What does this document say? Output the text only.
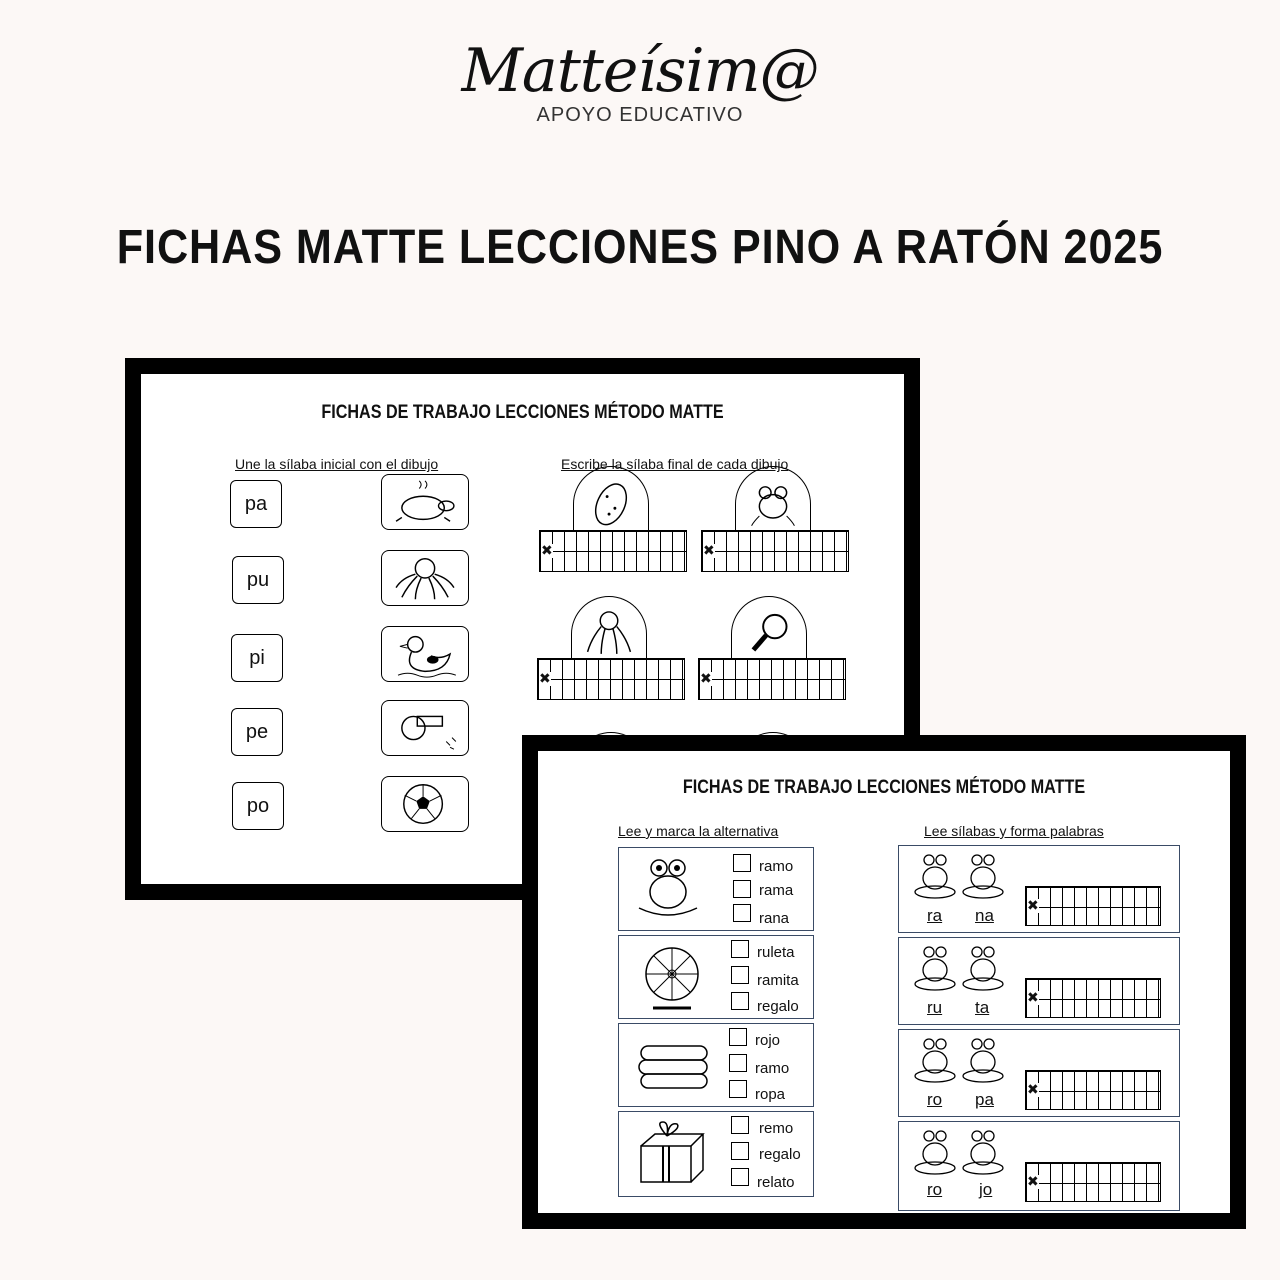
Matteísim@
APOYO EDUCATIVO
FICHAS MATTE LECCIONES PINO A RATÓN 2025
FICHAS DE TRABAJO LECCIONES MÉTODO MATTE
Une la sílaba inicial con el dibujo	Escribe la sílaba final de cada dibujo
pa
pu
pi
pe
po
✖	✖
✖	✖
FICHAS DE TRABAJO LECCIONES MÉTODO MATTE
Lee y marca la alternativa	Lee sílabas y forma palabras
ramo
rama
rana
ruleta
ramita
regalo
rojo
ramo
ropa
remo
regalo
relato
ra na ✖
ru ta	✖
ro pa ✖
ro jo ✖
